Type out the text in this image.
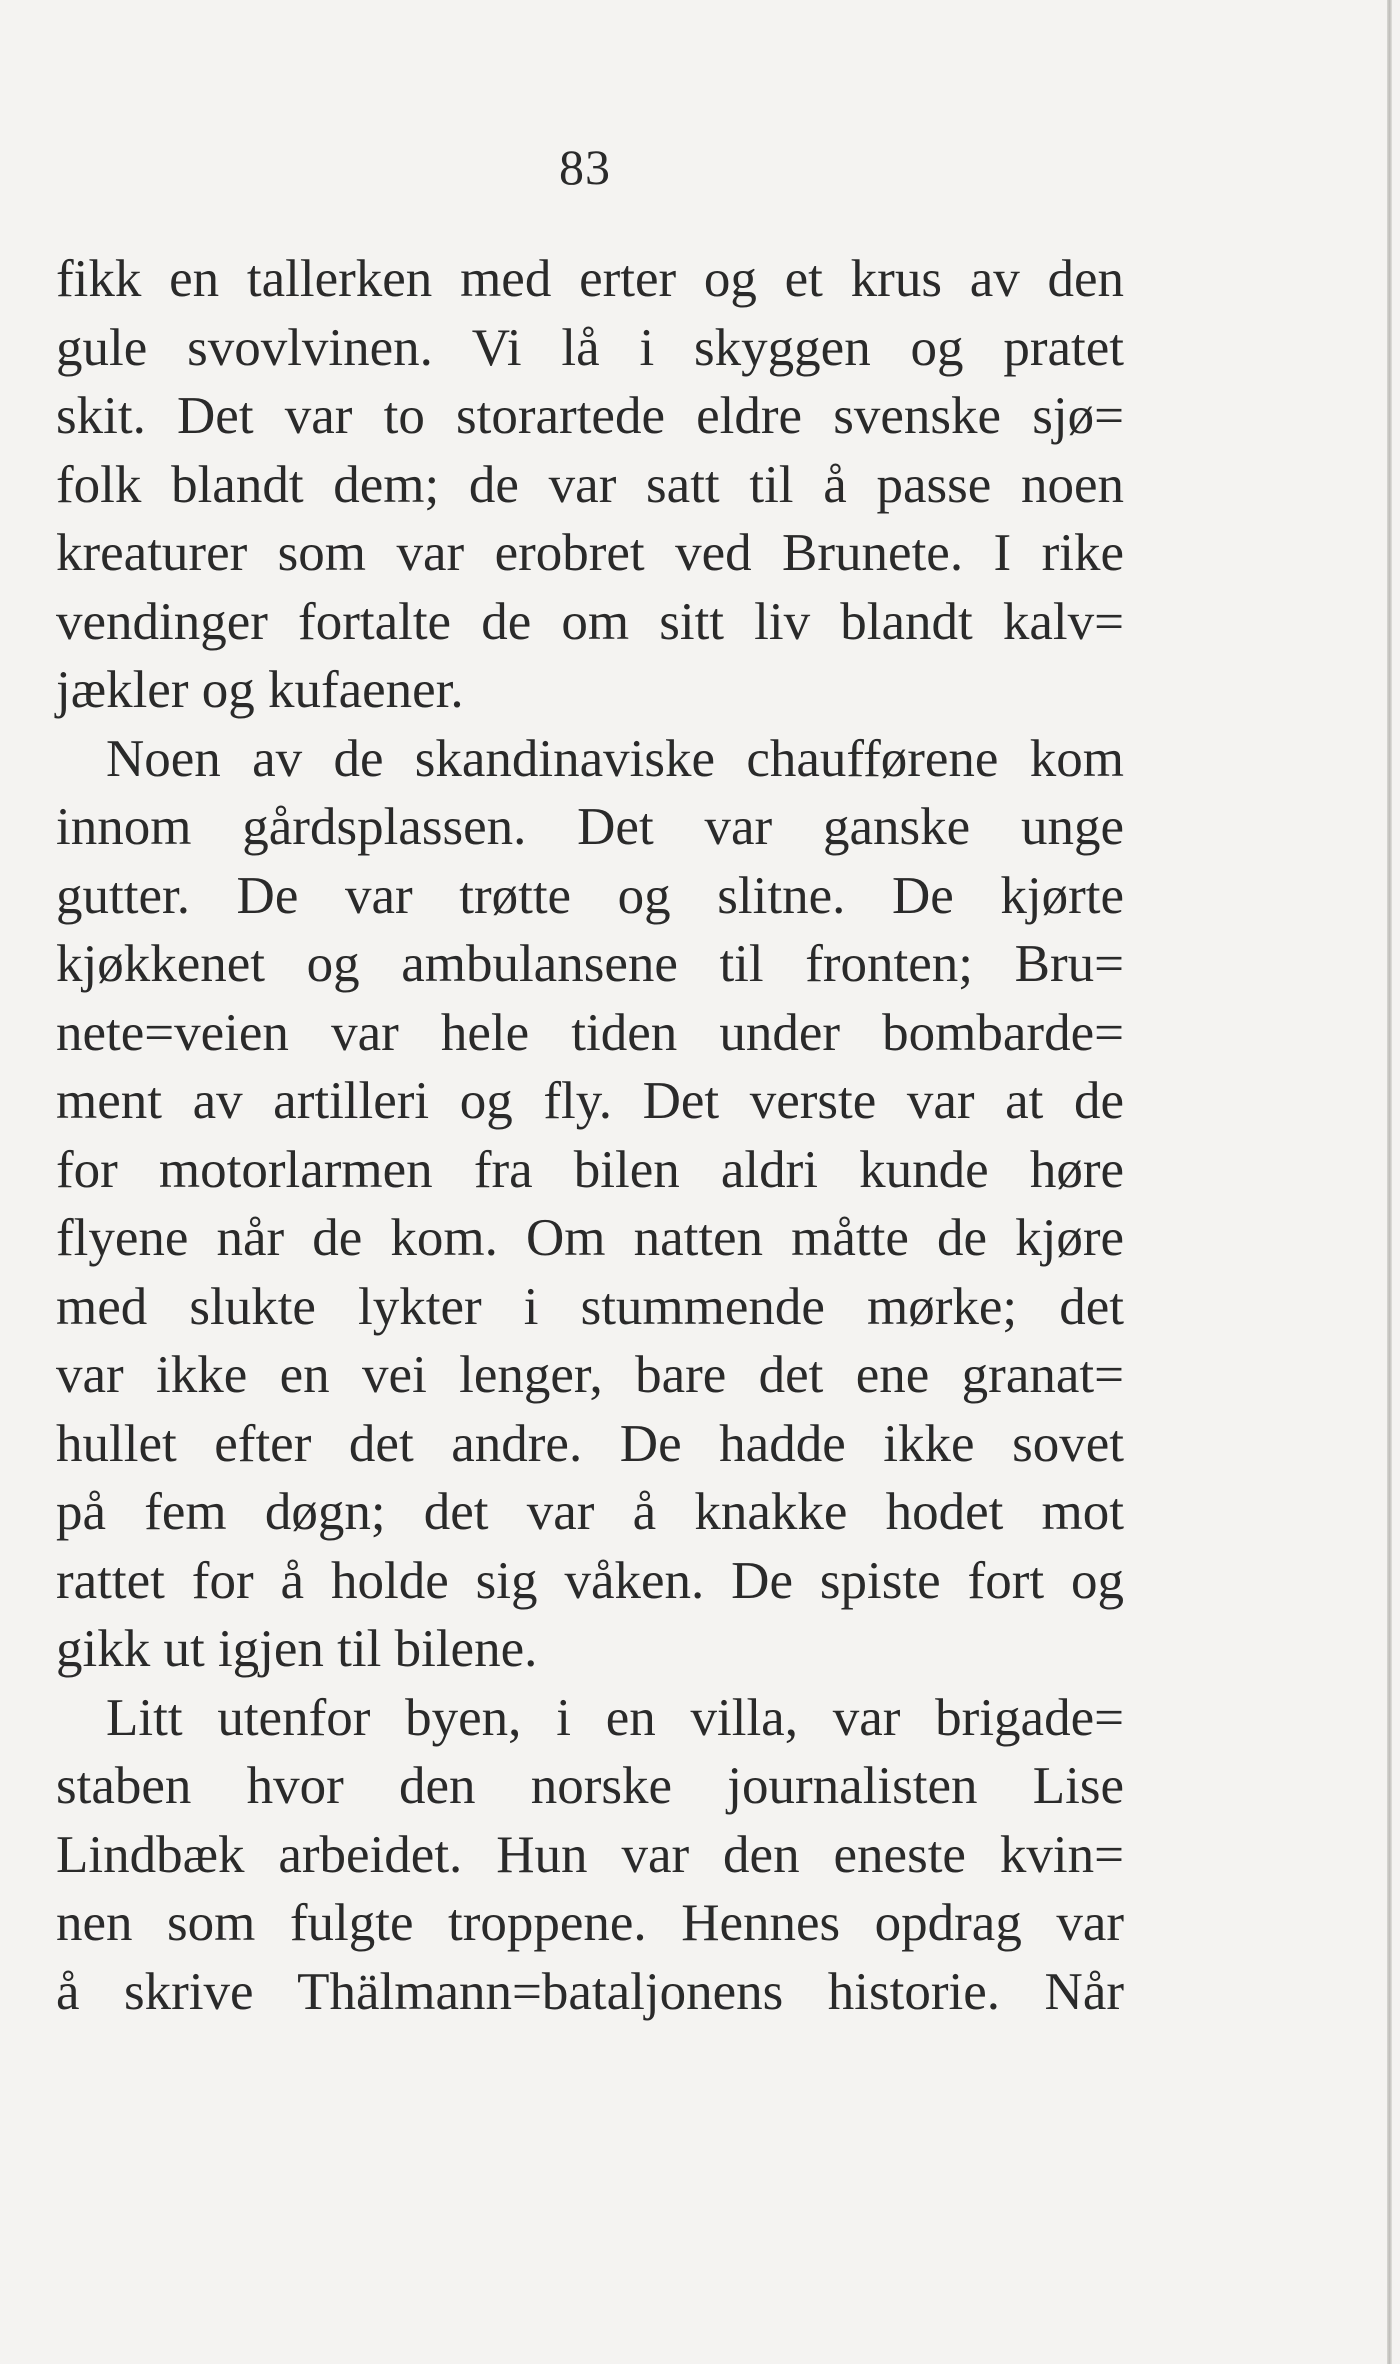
83
fikk en tallerken med erter og et krus av den
gule svovlvinen. Vi lå i skyggen og pratet
skit. Det var to storartede eldre svenske sjø=
folk blandt dem; de var satt til å passe noen
kreaturer som var erobret ved Brunete. I rike
vendinger fortalte de om sitt liv blandt kalv=
jækler og kufaener.
Noen av de skandinaviske chaufførene kom
innom gårdsplassen. Det var ganske unge
gutter. De var trøtte og slitne. De kjørte
kjøkkenet og ambulansene til fronten; Bru=
nete=veien var hele tiden under bombarde=
ment av artilleri og fly. Det verste var at de
for motorlarmen fra bilen aldri kunde høre
flyene når de kom. Om natten måtte de kjøre
med slukte lykter i stummende mørke; det
var ikke en vei lenger, bare det ene granat=
hullet efter det andre. De hadde ikke sovet
på fem døgn; det var å knakke hodet mot
rattet for å holde sig våken. De spiste fort og
gikk ut igjen til bilene.
Litt utenfor byen, i en villa, var brigade=
staben hvor den norske journalisten Lise
Lindbæk arbeidet. Hun var den eneste kvin=
nen som fulgte troppene. Hennes opdrag var
å skrive Thälmann=bataljonens historie. Når
